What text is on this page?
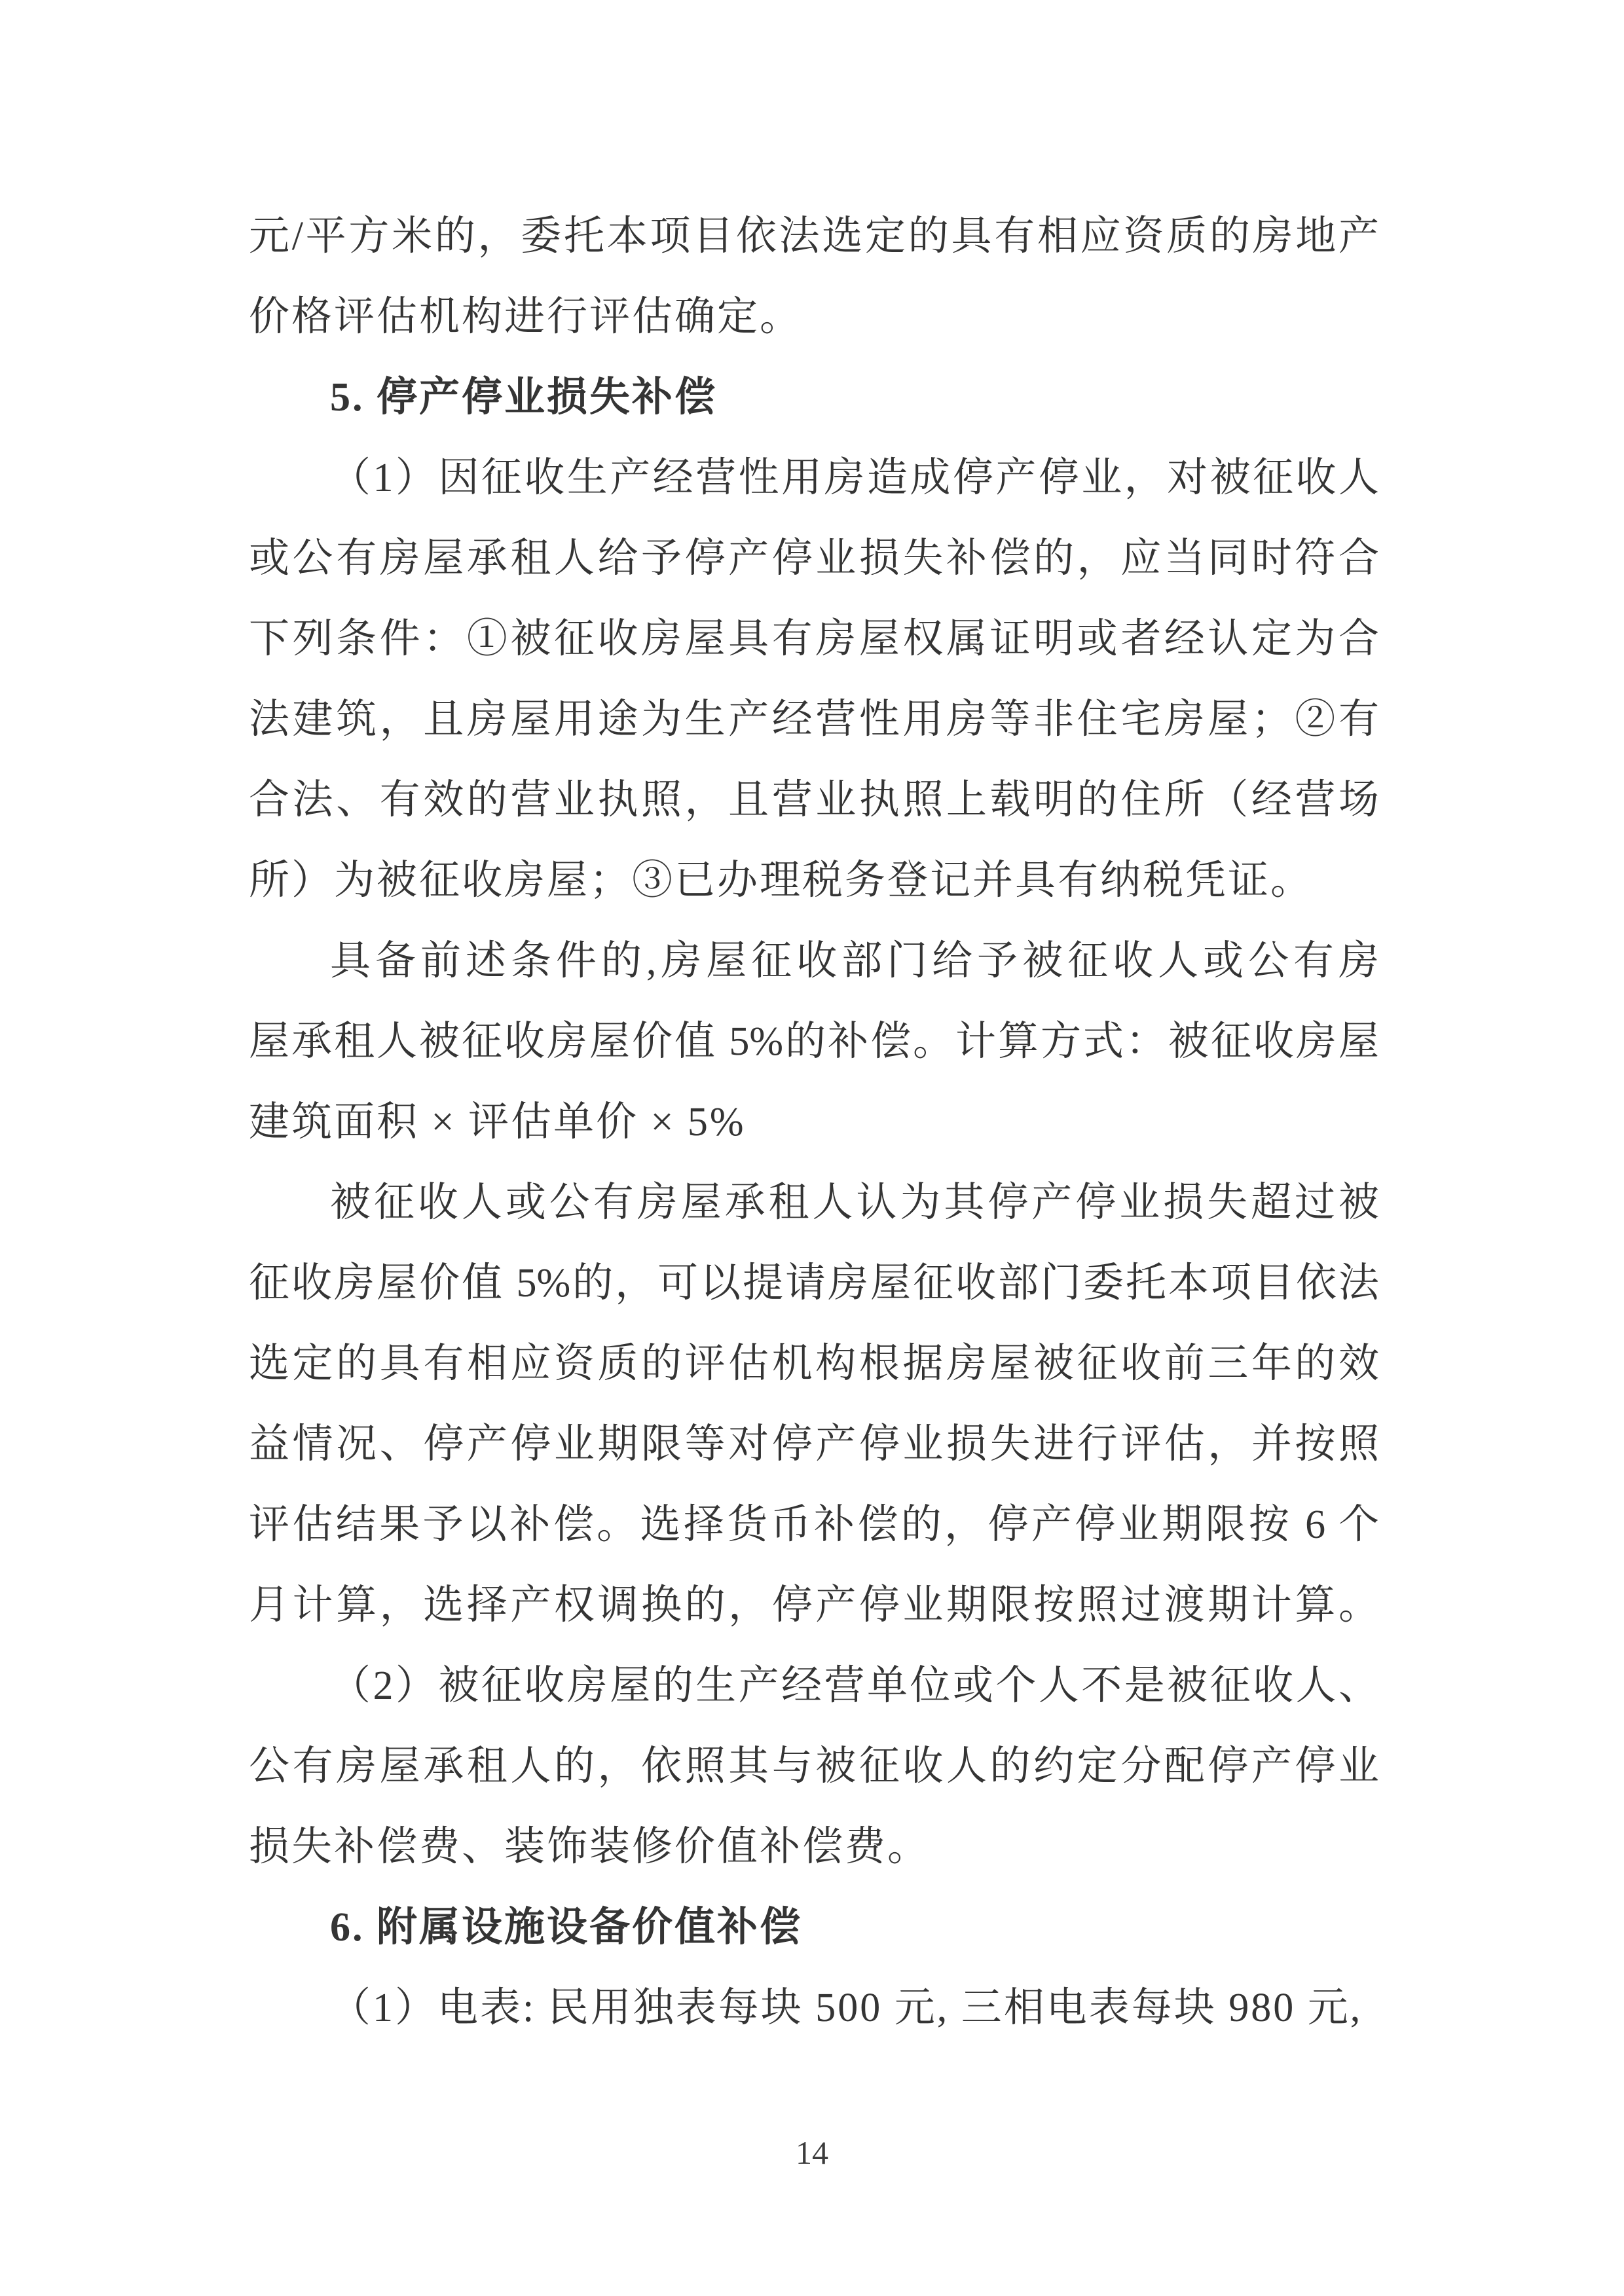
元/平方米的，委托本项目依法选定的具有相应资质的房地产
价格评估机构进行评估确定。
5. 停产停业损失补偿
（1）因征收生产经营性用房造成停产停业，对被征收人
或公有房屋承租人给予停产停业损失补偿的，应当同时符合
下列条件：①被征收房屋具有房屋权属证明或者经认定为合
法建筑，且房屋用途为生产经营性用房等非住宅房屋；②有
合法、有效的营业执照，且营业执照上载明的住所（经营场
所）为被征收房屋；③已办理税务登记并具有纳税凭证。
具备前述条件的,房屋征收部门给予被征收人或公有房
屋承租人被征收房屋价值 5%的补偿。计算方式：被征收房屋
建筑面积 × 评估单价 × 5%
被征收人或公有房屋承租人认为其停产停业损失超过被
征收房屋价值 5%的，可以提请房屋征收部门委托本项目依法
选定的具有相应资质的评估机构根据房屋被征收前三年的效
益情况、停产停业期限等对停产停业损失进行评估，并按照
评估结果予以补偿。选择货币补偿的，停产停业期限按 6 个
月计算，选择产权调换的，停产停业期限按照过渡期计算。
（2）被征收房屋的生产经营单位或个人不是被征收人、
公有房屋承租人的，依照其与被征收人的约定分配停产停业
损失补偿费、装饰装修价值补偿费。
6. 附属设施设备价值补偿
（1）电表: 民用独表每块 500 元, 三相电表每块 980 元,
14
